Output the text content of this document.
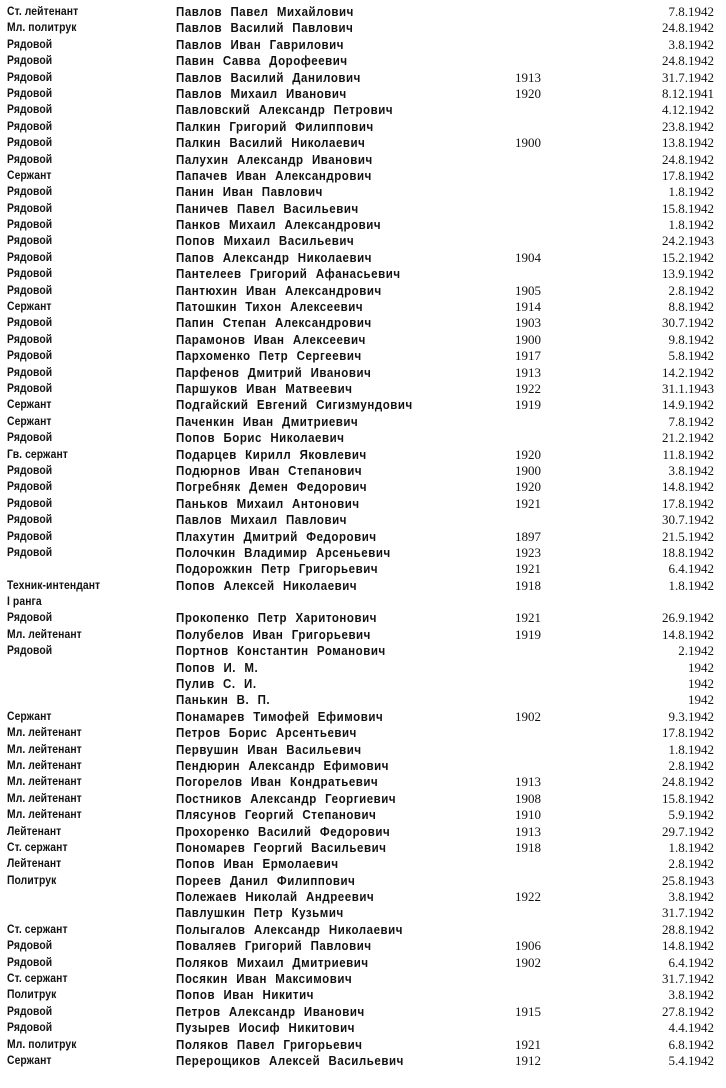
Ст. лейтенант	Павлов Павел Михайлович	7.8.1942
Мл. политрук	Павлов Василий Павлович	24.8.1942
Рядовой	Павлов Иван Гаврилович	3.8.1942
Рядовой	Павин Савва Дорофеевич	24.8.1942
Рядовой	Павлов Василий Данилович	1913	31.7.1942
Рядовой	Павлов Михаил Иванович	1920	8.12.1941
Рядовой	Павловский Александр Петрович	4.12.1942
Рядовой	Палкин Григорий Филиппович	23.8.1942
Рядовой	Палкин Василий Николаевич	1900	13.8.1942
Рядовой	Палухин Александр Иванович	24.8.1942
Сержант	Папачев Иван Александрович	17.8.1942
Рядовой	Панин Иван Павлович	1.8.1942
Рядовой	Паничев Павел Васильевич	15.8.1942
Рядовой	Панков Михаил Александрович	1.8.1942
Рядовой	Попов Михаил Васильевич	24.2.1943
Рядовой	Папов Александр Николаевич	1904	15.2.1942
Рядовой	Пантелеев Григорий Афанасьевич	13.9.1942
Рядовой	Пантюхин Иван Александрович	1905	2.8.1942
Сержант	Патошкин Тихон Алексеевич	1914	8.8.1942
Рядовой	Папин Степан Александрович	1903	30.7.1942
Рядовой	Парамонов Иван Алексеевич	1900	9.8.1942
Рядовой	Пархоменко Петр Сергеевич	1917	5.8.1942
Рядовой	Парфенов Дмитрий Иванович	1913	14.2.1942
Рядовой	Паршуков Иван Матвеевич	1922	31.1.1943
Сержант	Подгайский Евгений Сигизмундович	1919	14.9.1942
Сержант	Паченкин Иван Дмитриевич	7.8.1942
Рядовой	Попов Борис Николаевич	21.2.1942
Гв. сержант	Подарцев Кирилл Яковлевич	1920	11.8.1942
Рядовой	Подюрнов Иван Степанович	1900	3.8.1942
Рядовой	Погребняк Демен Федорович	1920	14.8.1942
Рядовой	Паньков Михаил Антонович	1921	17.8.1942
Рядовой	Павлов Михаил Павлович	30.7.1942
Рядовой	Плахутин Дмитрий Федорович	1897	21.5.1942
Рядовой	Полочкин Владимир Арсеньевич	1923	18.8.1942
Подорожкин Петр Григорьевич	1921	6.4.1942
Техник-интендант	Попов Алексей Николаевич	1918	1.8.1942
I ранга
Рядовой	Прокопенко Петр Харитонович	1921	26.9.1942
Мл. лейтенант	Полубелов Иван Григорьевич	1919	14.8.1942
Рядовой	Портнов Константин Романович	2.1942
Попов И. М.	1942
Пулив С. И.	1942
Панькин В. П.	1942
Сержант	Понамарев Тимофей Ефимович	1902	9.3.1942
Мл. лейтенант	Петров Борис Арсентьевич	17.8.1942
Мл. лейтенант	Первушин Иван Васильевич	1.8.1942
Мл. лейтенант	Пендюрин Александр Ефимович	2.8.1942
Мл. лейтенант	Погорелов Иван Кондратьевич	1913	24.8.1942
Мл. лейтенант	Постников Александр Георгиевич	1908	15.8.1942
Мл. лейтенант	Плясунов Георгий Степанович	1910	5.9.1942
Лейтенант	Прохоренко Василий Федорович	1913	29.7.1942
Ст. сержант	Пономарев Георгий Васильевич	1918	1.8.1942
Лейтенант	Попов Иван Ермолаевич	2.8.1942
Политрук	Пореев Данил Филиппович	25.8.1943
Полежаев Николай Андреевич	1922	3.8.1942
Павлушкин Петр Кузьмич	31.7.1942
Ст. сержант	Полыгалов Александр Николаевич	28.8.1942
Рядовой	Поваляев Григорий Павлович	1906	14.8.1942
Рядовой	Поляков Михаил Дмитриевич	1902	6.4.1942
Ст. сержант	Посякин Иван Максимович	31.7.1942
Политрук	Попов Иван Никитич	3.8.1942
Рядовой	Петров Александр Иванович	1915	27.8.1942
Рядовой	Пузырев Иосиф Никитович	4.4.1942
Мл. политрук	Поляков Павел Григорьевич	1921	6.8.1942
Сержант	Перерощиков Алексей Васильевич	1912	5.4.1942
